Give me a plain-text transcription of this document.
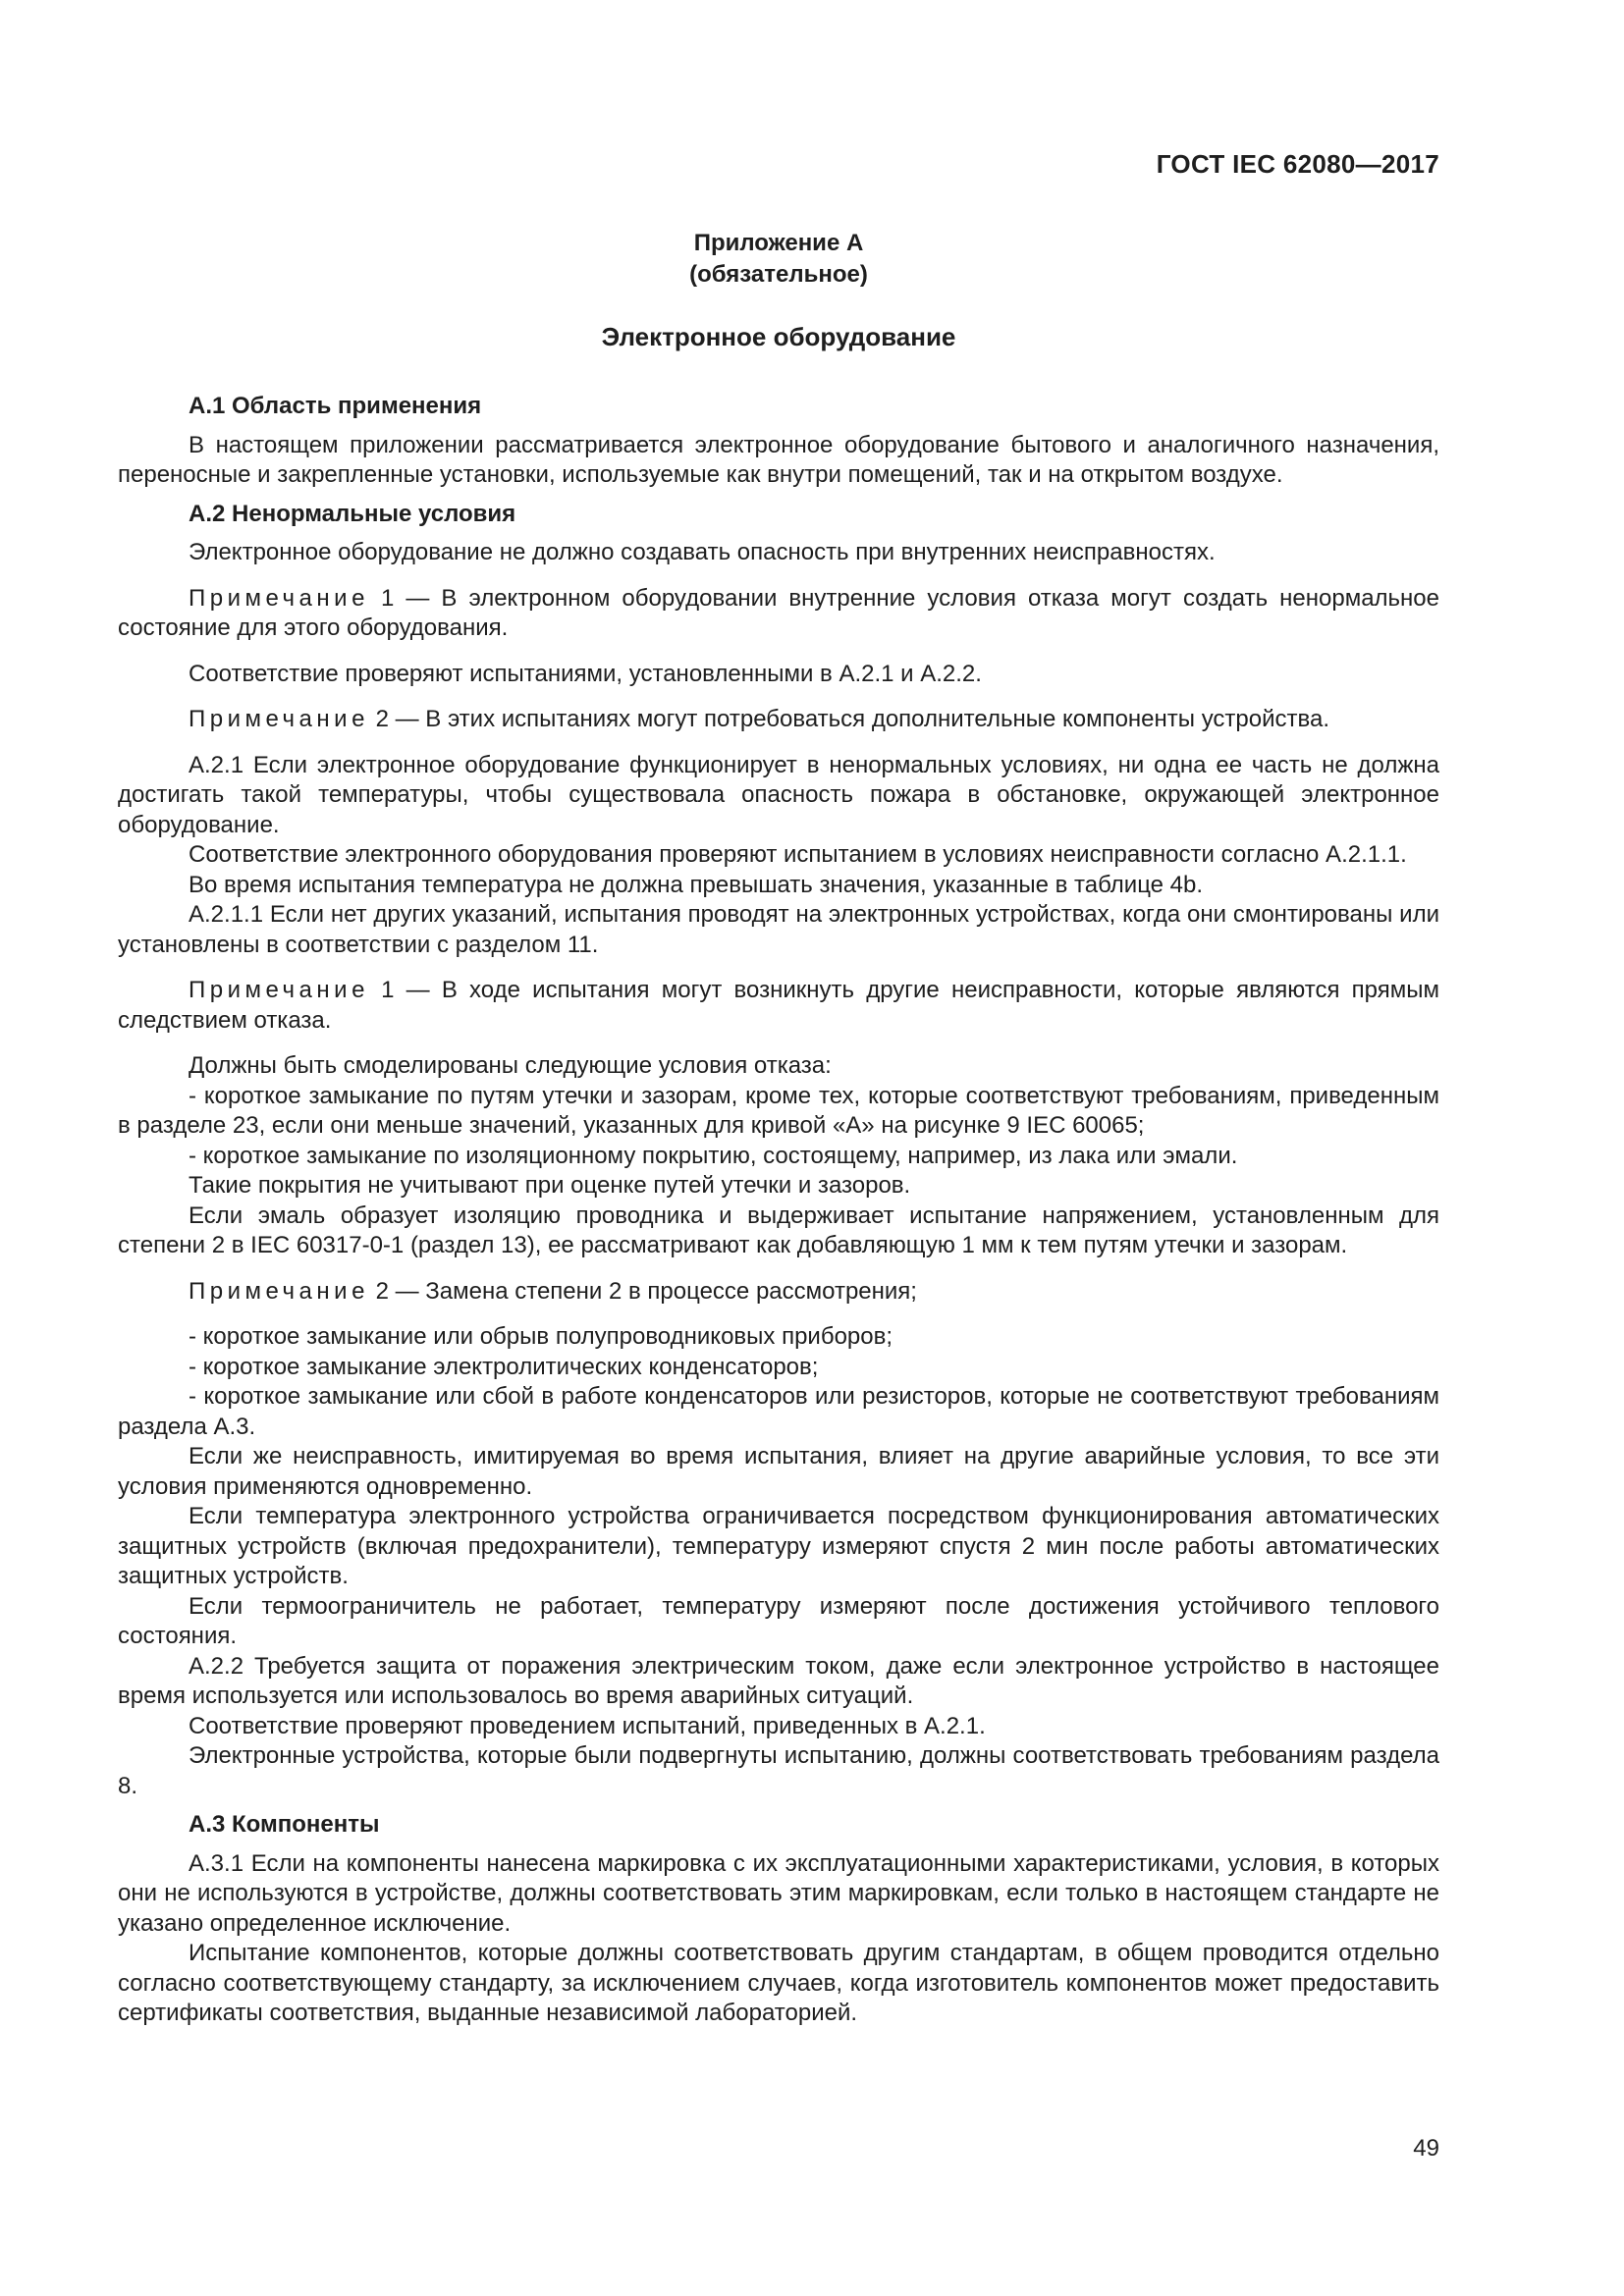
ГОСТ IEC 62080—2017
Приложение А
(обязательное)
Электронное оборудование
А.1 Область применения

В настоящем приложении рассматривается электронное оборудование бытового и аналогичного назначения, переносные и закрепленные установки, используемые как внутри помещений, так и на открытом воздухе.

А.2 Ненормальные условия

Электронное оборудование не должно создавать опасность при внутренних неисправностях.

Примечание 1 — В электронном оборудовании внутренние условия отказа могут создать ненормальное состояние для этого оборудования.

Соответствие проверяют испытаниями, установленными в А.2.1 и А.2.2.

Примечание 2 — В этих испытаниях могут потребоваться дополнительные компоненты устройства.

А.2.1 Если электронное оборудование функционирует в ненормальных условиях, ни одна ее часть не должна достигать такой температуры, чтобы существовала опасность пожара в обстановке, окружающей электронное оборудование.

Соответствие электронного оборудования проверяют испытанием в условиях неисправности согласно А.2.1.1.

Во время испытания температура не должна превышать значения, указанные в таблице 4b.

А.2.1.1 Если нет других указаний, испытания проводят на электронных устройствах, когда они смонтированы или установлены в соответствии с разделом 11.

Примечание 1 — В ходе испытания могут возникнуть другие неисправности, которые являются прямым следствием отказа.

Должны быть смоделированы следующие условия отказа:

- короткое замыкание по путям утечки и зазорам, кроме тех, которые соответствуют требованиям, приведенным в разделе 23, если они меньше значений, указанных для кривой «А» на рисунке 9 IEC 60065;

- короткое замыкание по изоляционному покрытию, состоящему, например, из лака или эмали.

Такие покрытия не учитывают при оценке путей утечки и зазоров.

Если эмаль образует изоляцию проводника и выдерживает испытание напряжением, установленным для степени 2 в IEC 60317-0-1 (раздел 13), ее рассматривают как добавляющую 1 мм к тем путям утечки и зазорам.

Примечание 2 — Замена степени 2 в процессе рассмотрения;

- короткое замыкание или обрыв полупроводниковых приборов;

- короткое замыкание электролитических конденсаторов;

- короткое замыкание или сбой в работе конденсаторов или резисторов, которые не соответствуют требованиям раздела А.3.

Если же неисправность, имитируемая во время испытания, влияет на другие аварийные условия, то все эти условия применяются одновременно.

Если температура электронного устройства ограничивается посредством функционирования автоматических защитных устройств (включая предохранители), температуру измеряют спустя 2 мин после работы автоматических защитных устройств.

Если термоограничитель не работает, температуру измеряют после достижения устойчивого теплового состояния.

А.2.2 Требуется защита от поражения электрическим током, даже если электронное устройство в настоящее время используется или использовалось во время аварийных ситуаций.

Соответствие проверяют проведением испытаний, приведенных в А.2.1.

Электронные устройства, которые были подвергнуты испытанию, должны соответствовать требованиям раздела 8.

А.3 Компоненты

А.3.1 Если на компоненты нанесена маркировка с их эксплуатационными характеристиками, условия, в которых они не используются в устройстве, должны соответствовать этим маркировкам, если только в настоящем стандарте не указано определенное исключение.

Испытание компонентов, которые должны соответствовать другим стандартам, в общем проводится отдельно согласно соответствующему стандарту, за исключением случаев, когда изготовитель компонентов может предоставить сертификаты соответствия, выданные независимой лабораторией.

49
